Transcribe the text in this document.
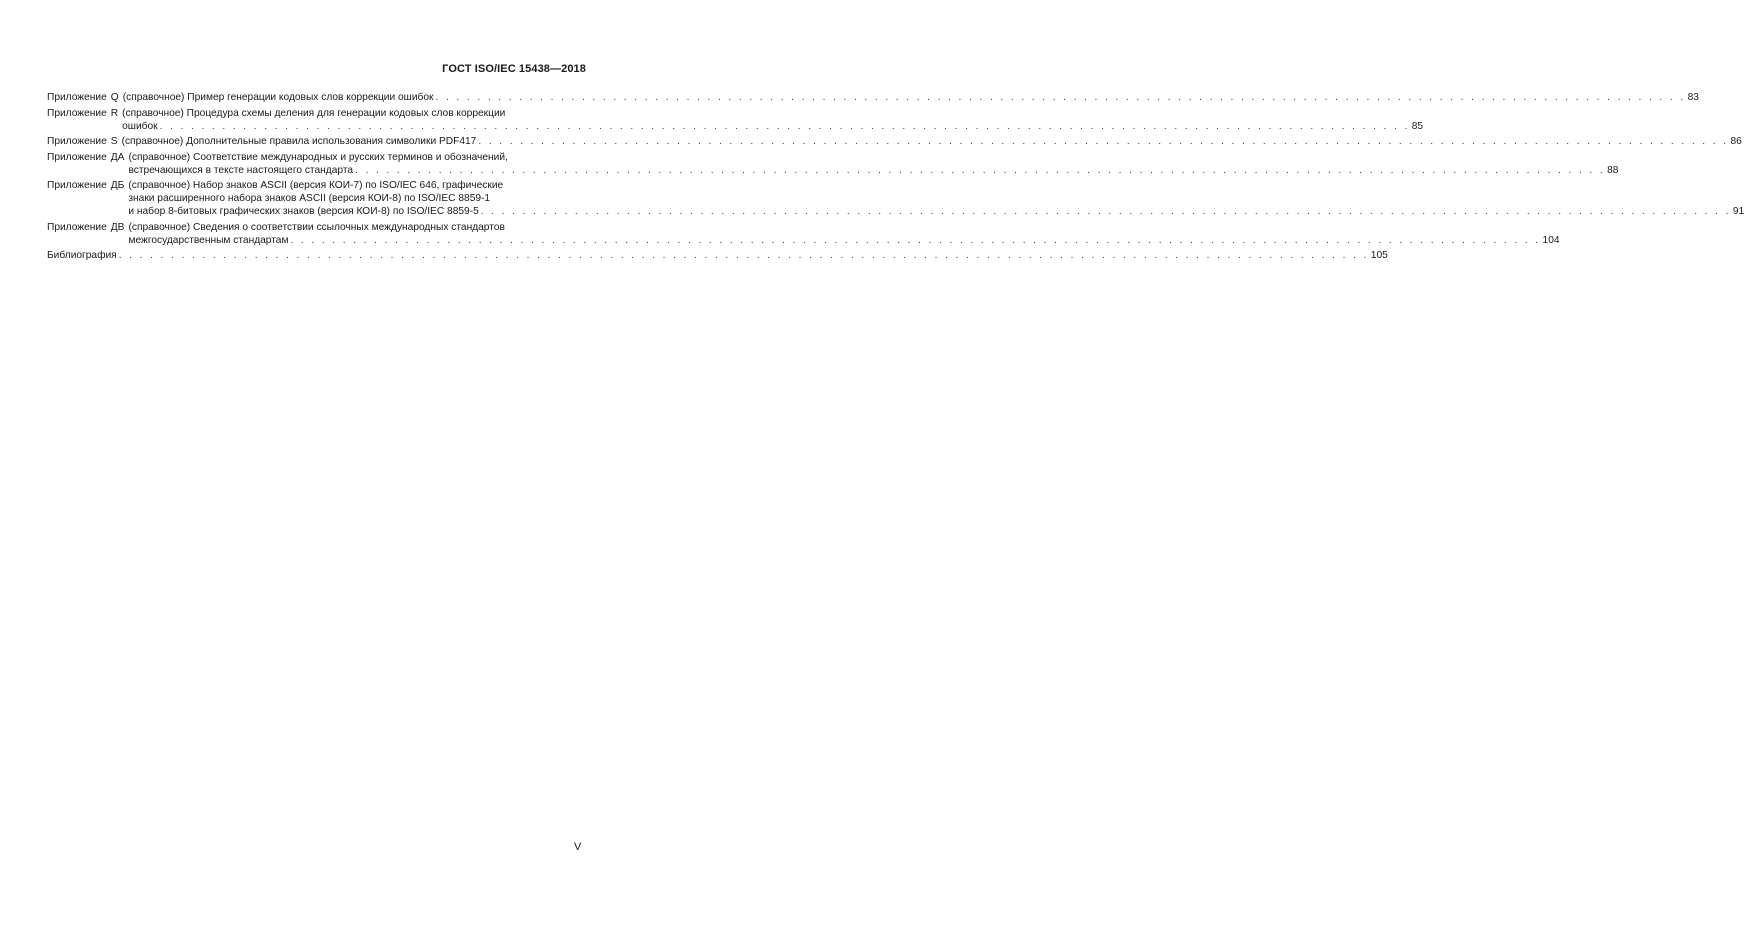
ГОСТ ISO/IEC 15438—2018
Приложение Q (справочное) Пример генерации кодовых слов коррекции ошибок . . . . . . . . . . . . . . . . . . . . . . . . . . . . . . . . . . . . . . . . . . . . . . . . . . . . . . . . . . . . . . . . . . . . . . . . . . . . . . . . . . . . . . . . . . . . . . . . . . . . . . . . . . . . . . . . . . . . . . . . 83
Приложение R (справочное) Процедура схемы деления для генерации кодовых слов коррекции
ошибок . . . . . . . . . . . . . . . . . . . . . . . . . . . . . . . . . . . . . . . . . . . . . . . . . . . . . . . . . . . . . . . . . . . . . . . . . . . . . . . . . . . . . . . . . . . . . . . . . . . . . . . . . . . . . . . . . . . . . . . . 85
Приложение S (справочное) Дополнительные правила использования символики PDF417 . . . . . . . . . . . . . . . . . . . . . . . . . . . . . . . . . . . . . . . . . . . . . . . . . . . . . . . . . . . . . . . . . . . . . . . . . . . . . . . . . . . . . . . . . . . . . . . . . . . . . . . . . . . . . . . . . . . . . . . . 86
Приложение ДА (справочное) Соответствие международных и русских терминов и обозначений,
встречающихся в тексте настоящего стандарта . . . . . . . . . . . . . . . . . . . . . . . . . . . . . . . . . . . . . . . . . . . . . . . . . . . . . . . . . . . . . . . . . . . . . . . . . . . . . . . . . . . . . . . . . . . . . . . . . . . . . . . . . . . . . . . . . . . . . . . . 88
Приложение ДБ (справочное) Набор знаков ASCII (версия КОИ-7) по ISO/IEC 646, графические
знаки расширенного набора знаков ASCII (версия КОИ-8) по ISO/IEC 8859-1
и набор 8-битовых графических знаков (версия КОИ-8) по ISO/IEC 8859-5 . . . . . . . . . . . . . . . . . . . . . . . . . . . . . . . . . . . . . . . . . . . . . . . . . . . . . . . . . . . . . . . . . . . . . . . . . . . . . . . . . . . . . . . . . . . . . . . . . . . . . . . . . . . . . . . . . . . . . . . . 91
Приложение ДВ (справочное) Сведения о соответствии ссылочных международных стандартов
межгосударственным стандартам . . . . . . . . . . . . . . . . . . . . . . . . . . . . . . . . . . . . . . . . . . . . . . . . . . . . . . . . . . . . . . . . . . . . . . . . . . . . . . . . . . . . . . . . . . . . . . . . . . . . . . . . . . . . . . . . . . . . . . . . 104
Библиография . . . . . . . . . . . . . . . . . . . . . . . . . . . . . . . . . . . . . . . . . . . . . . . . . . . . . . . . . . . . . . . . . . . . . . . . . . . . . . . . . . . . . . . . . . . . . . . . . . . . . . . . . . . . . . . . . . . . . . . . 105
V
